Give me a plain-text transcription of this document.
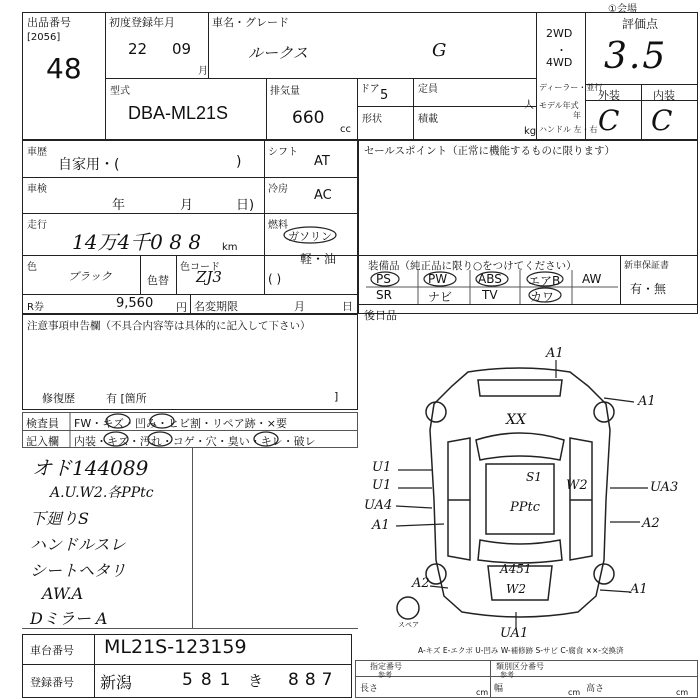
出品番号
[2056]
48
初度登録年月
22 09
月
車名・グレード
ルークス	G
2WD
・
4WD
①会場
評価点
3.5
型式
DBA-ML21S
排気量
660
cc
ドア 5	定員
人
形状	積載
kg
ディーラー・並行
モデル年式
年
ハンドル 左・右
外装	内装
C C
車歴
自家用・(	)
シフト
AT
車検
年	月	日)
冷房 AC
走行
14万4千0 8 8 km
燃料
ガソリン
軽・油
( )
色
ブラック	色替
色コード
ZJ3
R券	9,560 円 名変期限	月	日
セールスポイント（正常に機能するものに限ります）
装備品（純正品に限り○をつけてください）	新車保証書
有・無
PS	PW	ABS エアB AW
SR	ナビ TV	カワ
後日品
注意事項申告欄（不具合内容等は具体的に記入して下さい）
修復歴	有 [箇所	]
検査員 FW・キズ・凹み・ヒビ割・リペア跡・×要
記入欄 内装・キズ・汚れ・コゲ・穴・臭い・キレ・破レ
オド144089
A.U.W2.各PPtc
下廻りS
ハンドルスレ
シートヘタリ
AW.A
Dミラー A
A1
A1
XX
U1
U1
UA4
A1
S1
PPtc
W2	UA3
A2
A451
W2
A2	A1
UA1
スペア
A-キズ E-エクボ U-凹み W-補修跡 S-サビ C-腐食 ××-交換済
車台番号 ML21S-123159
登録番号 新潟	581 き 887
指定番号
参考
類別区分番号
参考
長さ	cm 幅	cm 高さ	cm
